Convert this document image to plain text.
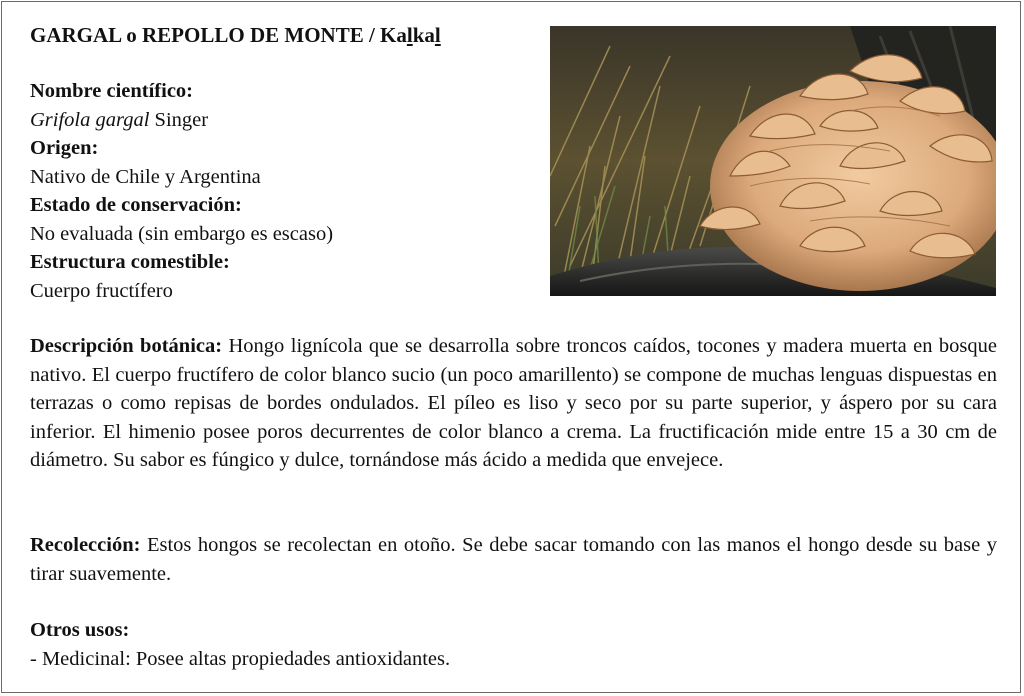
GARGAL o REPOLLO DE MONTE / Kalkal
Nombre científico:
Grifola gargal Singer
Origen:
Nativo de Chile y Argentina
Estado de conservación:
No evaluada (sin embargo es escaso)
Estructura comestible:
Cuerpo fructífero
Descripción botánica: Hongo lignícola que se desarrolla sobre troncos caídos, tocones y madera muerta en bosque nativo. El cuerpo fructífero de color blanco sucio (un poco amarillento) se compone de muchas lenguas dispuestas en terrazas o como repisas de bordes ondulados. El píleo es liso y seco por su parte superior, y áspero por su cara inferior. El himenio posee poros decurrentes de color blanco a crema. La fructificación mide entre 15 a 30 cm de diámetro. Su sabor es fúngico y dulce, tornándose más ácido a medida que envejece.
Recolección: Estos hongos se recolectan en otoño. Se debe sacar tomando con las manos el hongo desde su base y tirar suavemente.
Otros usos:
- Medicinal: Posee altas propiedades antioxidantes.
